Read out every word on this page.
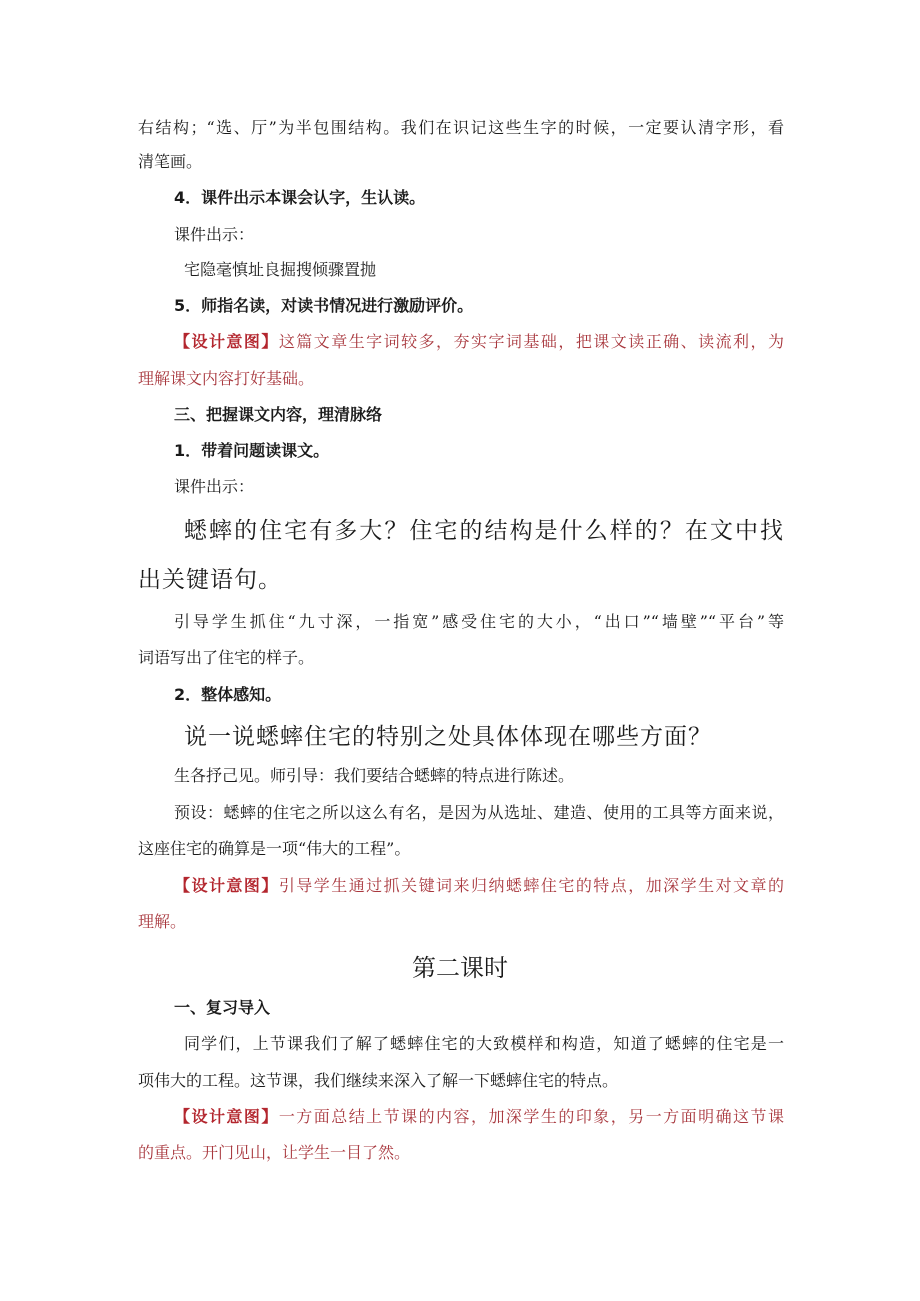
右结构；“选、厅”为半包围结构。我们在识记这些生字的时候，一定要认清字形，看
清笔画。
4．课件出示本课会认字，生认读。
课件出示：
宅隐毫慎址良掘搜倾骤置抛
5．师指名读，对读书情况进行激励评价。
【设计意图】这篇文章生字词较多，夯实字词基础，把课文读正确、读流利，为
理解课文内容打好基础。
三、把握课文内容，理清脉络
1．带着问题读课文。
课件出示：
蟋蟀的住宅有多大？住宅的结构是什么样的？在文中找
出关键语句。
引导学生抓住“九寸深，一指宽”感受住宅的大小，“出口”“墙壁”“平台”等
词语写出了住宅的样子。
2．整体感知。
说一说蟋蟀住宅的特别之处具体体现在哪些方面？
生各抒己见。师引导：我们要结合蟋蟀的特点进行陈述。
预设：蟋蟀的住宅之所以这么有名，是因为从选址、建造、使用的工具等方面来说，
这座住宅的确算是一项“伟大的工程”。
【设计意图】引导学生通过抓关键词来归纳蟋蟀住宅的特点，加深学生对文章的
理解。
第二课时
一、复习导入
同学们，上节课我们了解了蟋蟀住宅的大致模样和构造，知道了蟋蟀的住宅是一
项伟大的工程。这节课，我们继续来深入了解一下蟋蟀住宅的特点。
【设计意图】一方面总结上节课的内容，加深学生的印象，另一方面明确这节课
的重点。开门见山，让学生一目了然。
